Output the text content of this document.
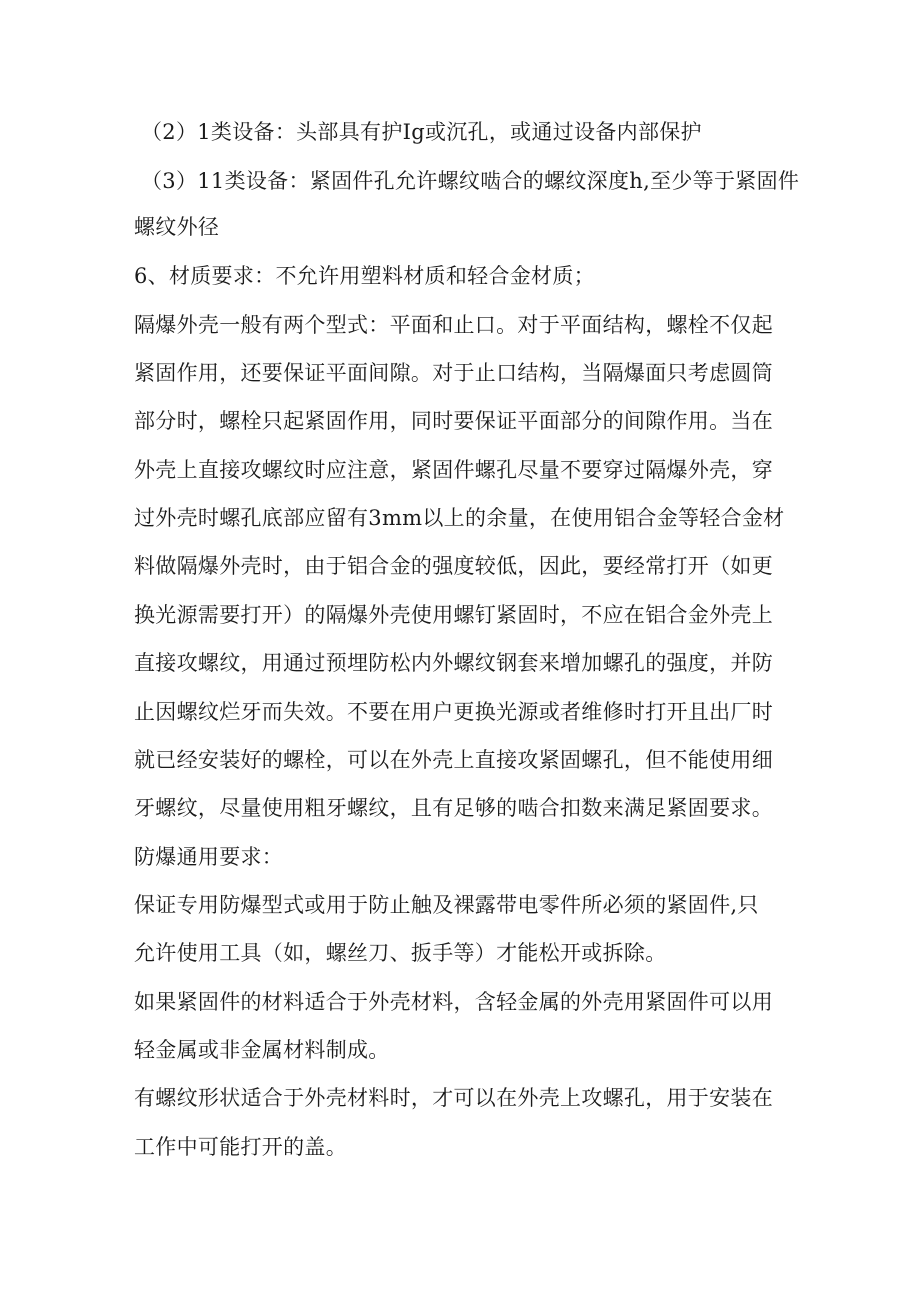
（2）1类设备：头部具有护Ig或沉孔，或通过设备内部保护
（3）11类设备：紧固件孔允许螺纹啮合的螺纹深度h,至少等于紧固件
螺纹外径
6、材质要求：不允许用塑料材质和轻合金材质；
隔爆外壳一般有两个型式：平面和止口。对于平面结构，螺栓不仅起
紧固作用，还要保证平面间隙。对于止口结构，当隔爆面只考虑圆筒
部分时，螺栓只起紧固作用，同时要保证平面部分的间隙作用。当在
外壳上直接攻螺纹时应注意，紧固件螺孔尽量不要穿过隔爆外壳，穿
过外壳时螺孔底部应留有3mm以上的余量，在使用铝合金等轻合金材
料做隔爆外壳时，由于铝合金的强度较低，因此，要经常打开（如更
换光源需要打开）的隔爆外壳使用螺钉紧固时，不应在铝合金外壳上
直接攻螺纹，用通过预埋防松内外螺纹钢套来增加螺孔的强度，并防
止因螺纹烂牙而失效。不要在用户更换光源或者维修时打开且出厂时
就已经安装好的螺栓，可以在外壳上直接攻紧固螺孔，但不能使用细
牙螺纹，尽量使用粗牙螺纹，且有足够的啮合扣数来满足紧固要求。
防爆通用要求：
保证专用防爆型式或用于防止触及裸露带电零件所必须的紧固件,只
允许使用工具（如，螺丝刀、扳手等）才能松开或拆除。
如果紧固件的材料适合于外壳材料，含轻金属的外壳用紧固件可以用
轻金属或非金属材料制成。
有螺纹形状适合于外壳材料时，才可以在外壳上攻螺孔，用于安装在
工作中可能打开的盖。
